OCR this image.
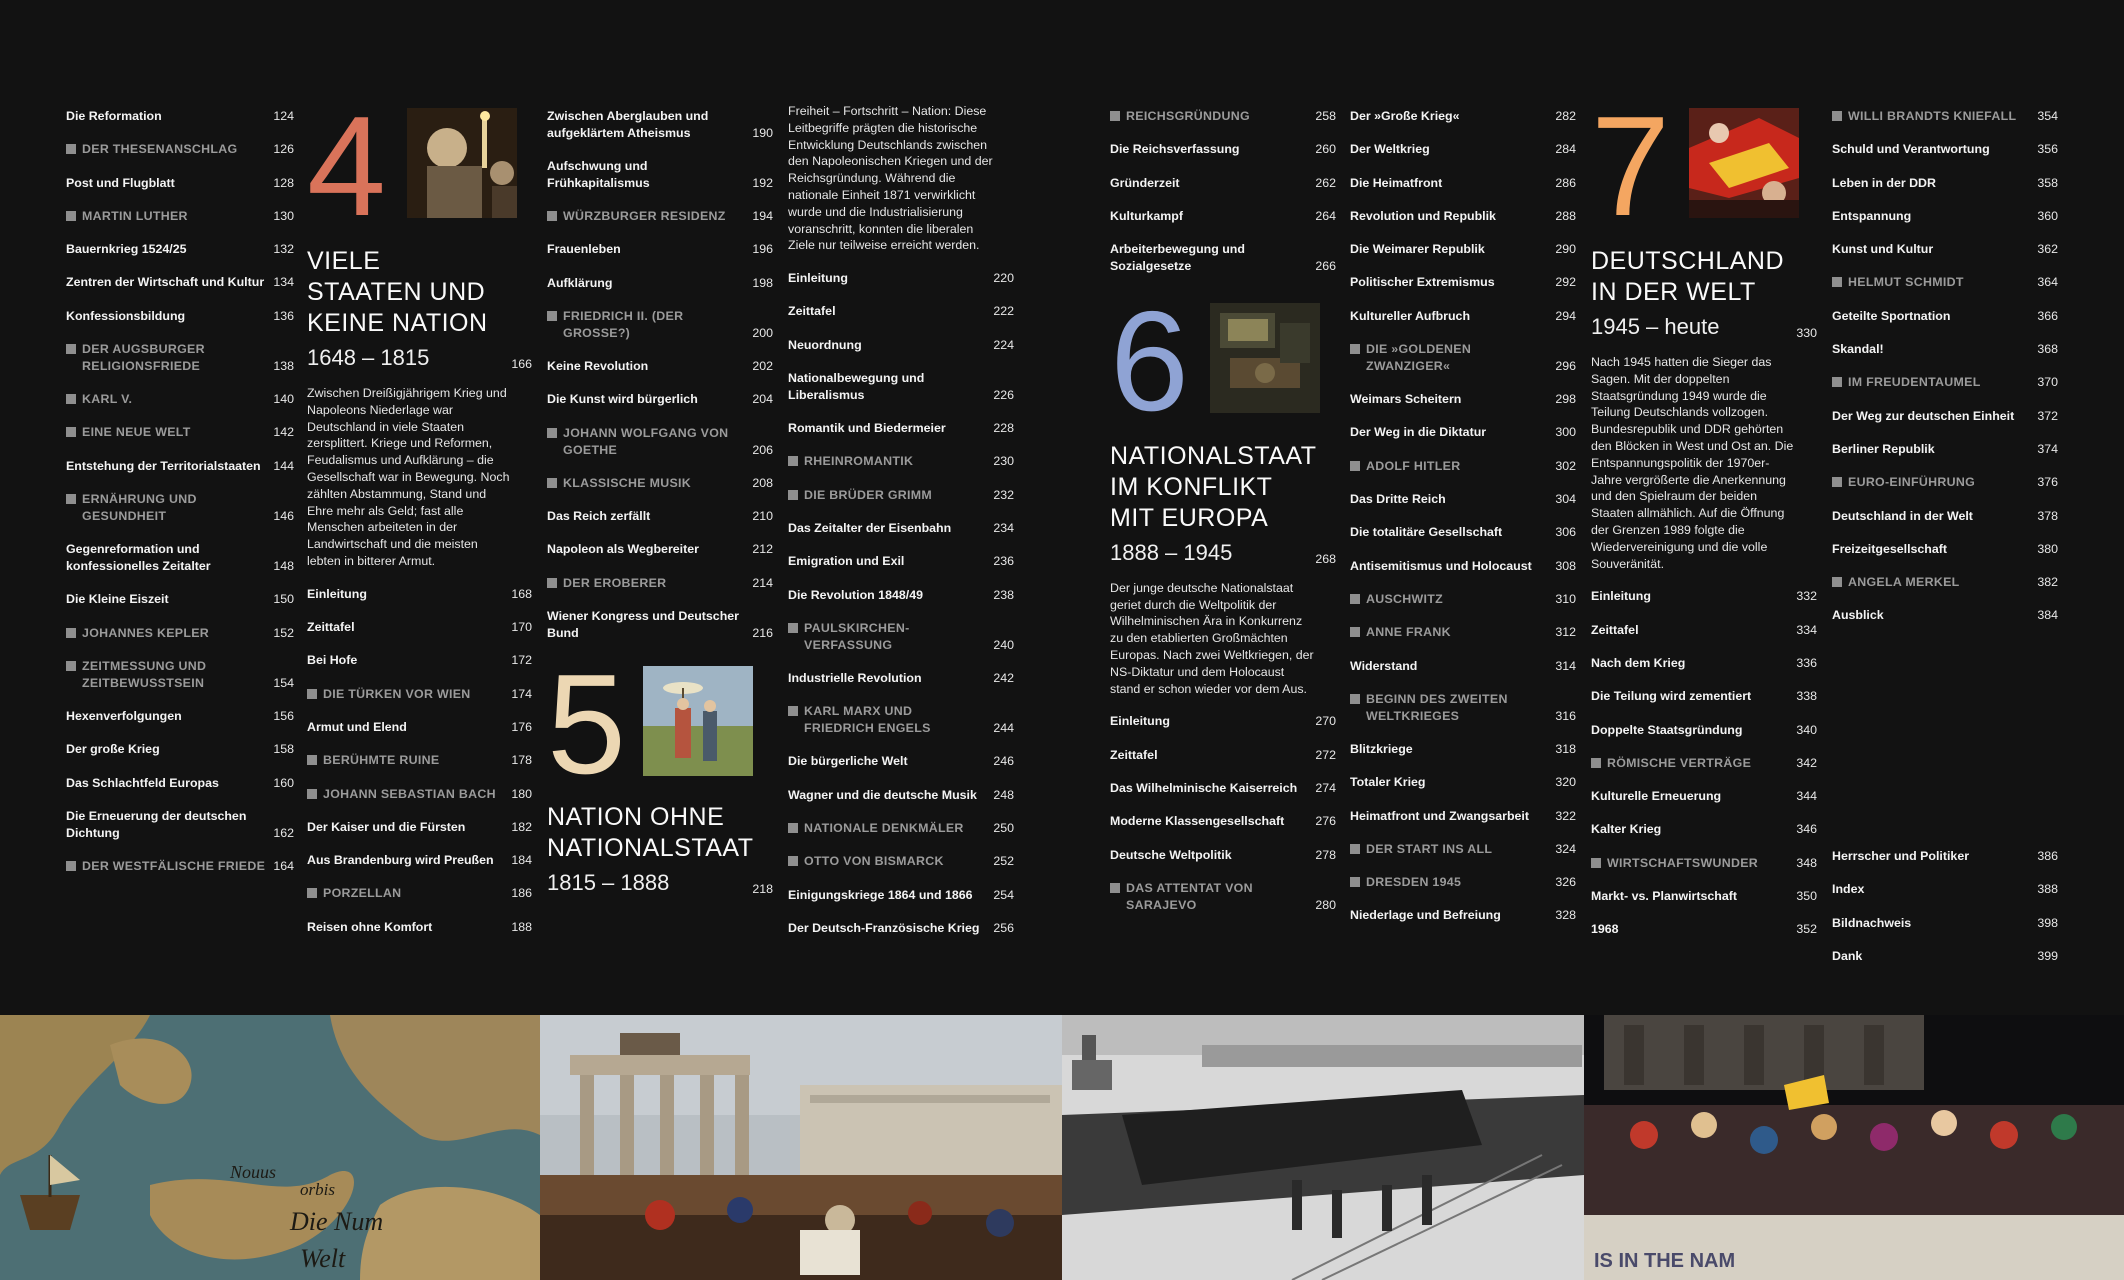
Die Reformation	124
DER THESENANSCHLAG	126
Post und Flugblatt	128
MARTIN LUTHER	130
Bauernkrieg 1524/25	132
Zentren der Wirtschaft und Kultur 134
Konfessionsbildung	136
DER AUGSBURGER RELIGIONSFRIEDE	138
KARL V.	140
EINE NEUE WELT	142
Entstehung der Territorialstaaten	144
ERNÄHRUNG UND GESUNDHEIT	146
Gegenreformation und konfessionelles Zeitalter	148
Die Kleine Eiszeit	150
JOHANNES KEPLER	152
ZEITMESSUNG UND ZEITBEWUSSTSEIN	154
Hexenverfolgungen	156
Der große Krieg	158
Das Schlachtfeld Europas	160
Die Erneuerung der deutschen Dichtung	162
DER WESTFÄLISCHE FRIEDE 164
4
VIELE STAATEN UND KEINE NATION
1648 – 1815	166
Zwischen Dreißigjährigem Krieg und Napoleons Niederlage war Deutschland in viele Staaten zersplittert. Kriege und Reformen, Feudalismus und Aufklärung – die Gesellschaft war in Bewegung. Noch zählten Abstammung, Stand und Ehre mehr als Geld; fast alle Menschen arbeiteten in der Landwirtschaft und die meisten lebten in bitterer Armut.
Einleitung	168
Zeittafel	170
Bei Hofe	172
DIE TÜRKEN VOR WIEN	174
Armut und Elend	176
BERÜHMTE RUINE	178
JOHANN SEBASTIAN BACH	180
Der Kaiser und die Fürsten	182
Aus Brandenburg wird Preußen	184
PORZELLAN	186
Reisen ohne Komfort	188
Zwischen Aberglauben und aufgeklärtem Atheismus	190
Aufschwung und Frühkapitalismus	192
WÜRZBURGER RESIDENZ	194
Frauenleben	196
Aufklärung	198
FRIEDRICH II. (DER GROSSE?)	200
Keine Revolution	202
Die Kunst wird bürgerlich	204
JOHANN WOLFGANG VON GOETHE	206
KLASSISCHE MUSIK	208
Das Reich zerfällt	210
Napoleon als Wegbereiter	212
DER EROBERER	214
Wiener Kongress und Deutscher Bund	216
5
NATION OHNE NATIONALSTAAT
1815 – 1888	218
Freiheit – Fortschritt – Nation: Diese Leitbegriffe prägten die historische Entwicklung Deutschlands zwischen den Napoleonischen Kriegen und der Reichsgründung. Während die nationale Einheit 1871 verwirklicht wurde und die Industrialisierung voranschritt, konnten die liberalen Ziele nur teilweise erreicht werden.
Einleitung	220
Zeittafel	222
Neuordnung	224
Nationalbewegung und Liberalismus	226
Romantik und Biedermeier	228
RHEINROMANTIK	230
DIE BRÜDER GRIMM	232
Das Zeitalter der Eisenbahn	234
Emigration und Exil	236
Die Revolution 1848/49	238
PAULSKIRCHEN-VERFASSUNG	240
Industrielle Revolution	242
KARL MARX UND FRIEDRICH ENGELS	244
Die bürgerliche Welt	246
Wagner und die deutsche Musik	248
NATIONALE DENKMÄLER	250
OTTO VON BISMARCK	252
Einigungskriege 1864 und 1866	254
Der Deutsch-Französische Krieg	256
REICHSGRÜNDUNG	258
Die Reichsverfassung	260
Gründerzeit	262
Kulturkampf	264
Arbeiterbewegung und Sozialgesetze	266
6
NATIONALSTAAT IM KONFLIKT MIT EUROPA
1888 – 1945	268
Der junge deutsche Nationalstaat geriet durch die Weltpolitik der Wilhelminischen Ära in Konkurrenz zu den etablierten Großmächten Europas. Nach zwei Weltkriegen, der NS-Diktatur und dem Holocaust stand er schon wieder vor dem Aus.
Einleitung	270
Zeittafel	272
Das Wilhelminische Kaiserreich	274
Moderne Klassengesellschaft	276
Deutsche Weltpolitik	278
DAS ATTENTAT VON SARAJEVO	280
Der »Große Krieg«	282
Der Weltkrieg	284
Die Heimatfront	286
Revolution und Republik	288
Die Weimarer Republik	290
Politischer Extremismus	292
Kultureller Aufbruch	294
DIE »GOLDENEN ZWANZIGER«	296
Weimars Scheitern	298
Der Weg in die Diktatur	300
ADOLF HITLER	302
Das Dritte Reich	304
Die totalitäre Gesellschaft	306
Antisemitismus und Holocaust	308
AUSCHWITZ	310
ANNE FRANK	312
Widerstand	314
BEGINN DES ZWEITEN WELTKRIEGES	316
Blitzkriege	318
Totaler Krieg	320
Heimatfront und Zwangsarbeit	322
DER START INS ALL	324
DRESDEN 1945	326
Niederlage und Befreiung	328
7
DEUTSCHLAND IN DER WELT
1945 – heute	330
Nach 1945 hatten die Sieger das Sagen. Mit der doppelten Staatsgründung 1949 wurde die Teilung Deutschlands vollzogen. Bundesrepublik und DDR gehörten den Blöcken in West und Ost an. Die Entspannungspolitik der 1970er-Jahre vergrößerte die Anerkennung und den Spielraum der beiden Staaten allmählich. Auf die Öffnung der Grenzen 1989 folgte die Wiedervereinigung und die volle Souveränität.
Einleitung	332
Zeittafel	334
Nach dem Krieg	336
Die Teilung wird zementiert	338
Doppelte Staatsgründung	340
RÖMISCHE VERTRÄGE	342
Kulturelle Erneuerung	344
Kalter Krieg	346
WIRTSCHAFTSWUNDER	348
Markt- vs. Planwirtschaft	350
1968	352
WILLI BRANDTS KNIEFALL	354
Schuld und Verantwortung	356
Leben in der DDR	358
Entspannung	360
Kunst und Kultur	362
HELMUT SCHMIDT	364
Geteilte Sportnation	366
Skandal!	368
IM FREUDENTAUMEL	370
Der Weg zur deutschen Einheit	372
Berliner Republik	374
EURO-EINFÜHRUNG	376
Deutschland in der Welt	378
Freizeitgesellschaft	380
ANGELA MERKEL	382
Ausblick	384
Herrscher und Politiker	386
Index	388
Bildnachweis	398
Dank	399
Nouus
orbis
Die Num
Welt	IS IN THE NAM
